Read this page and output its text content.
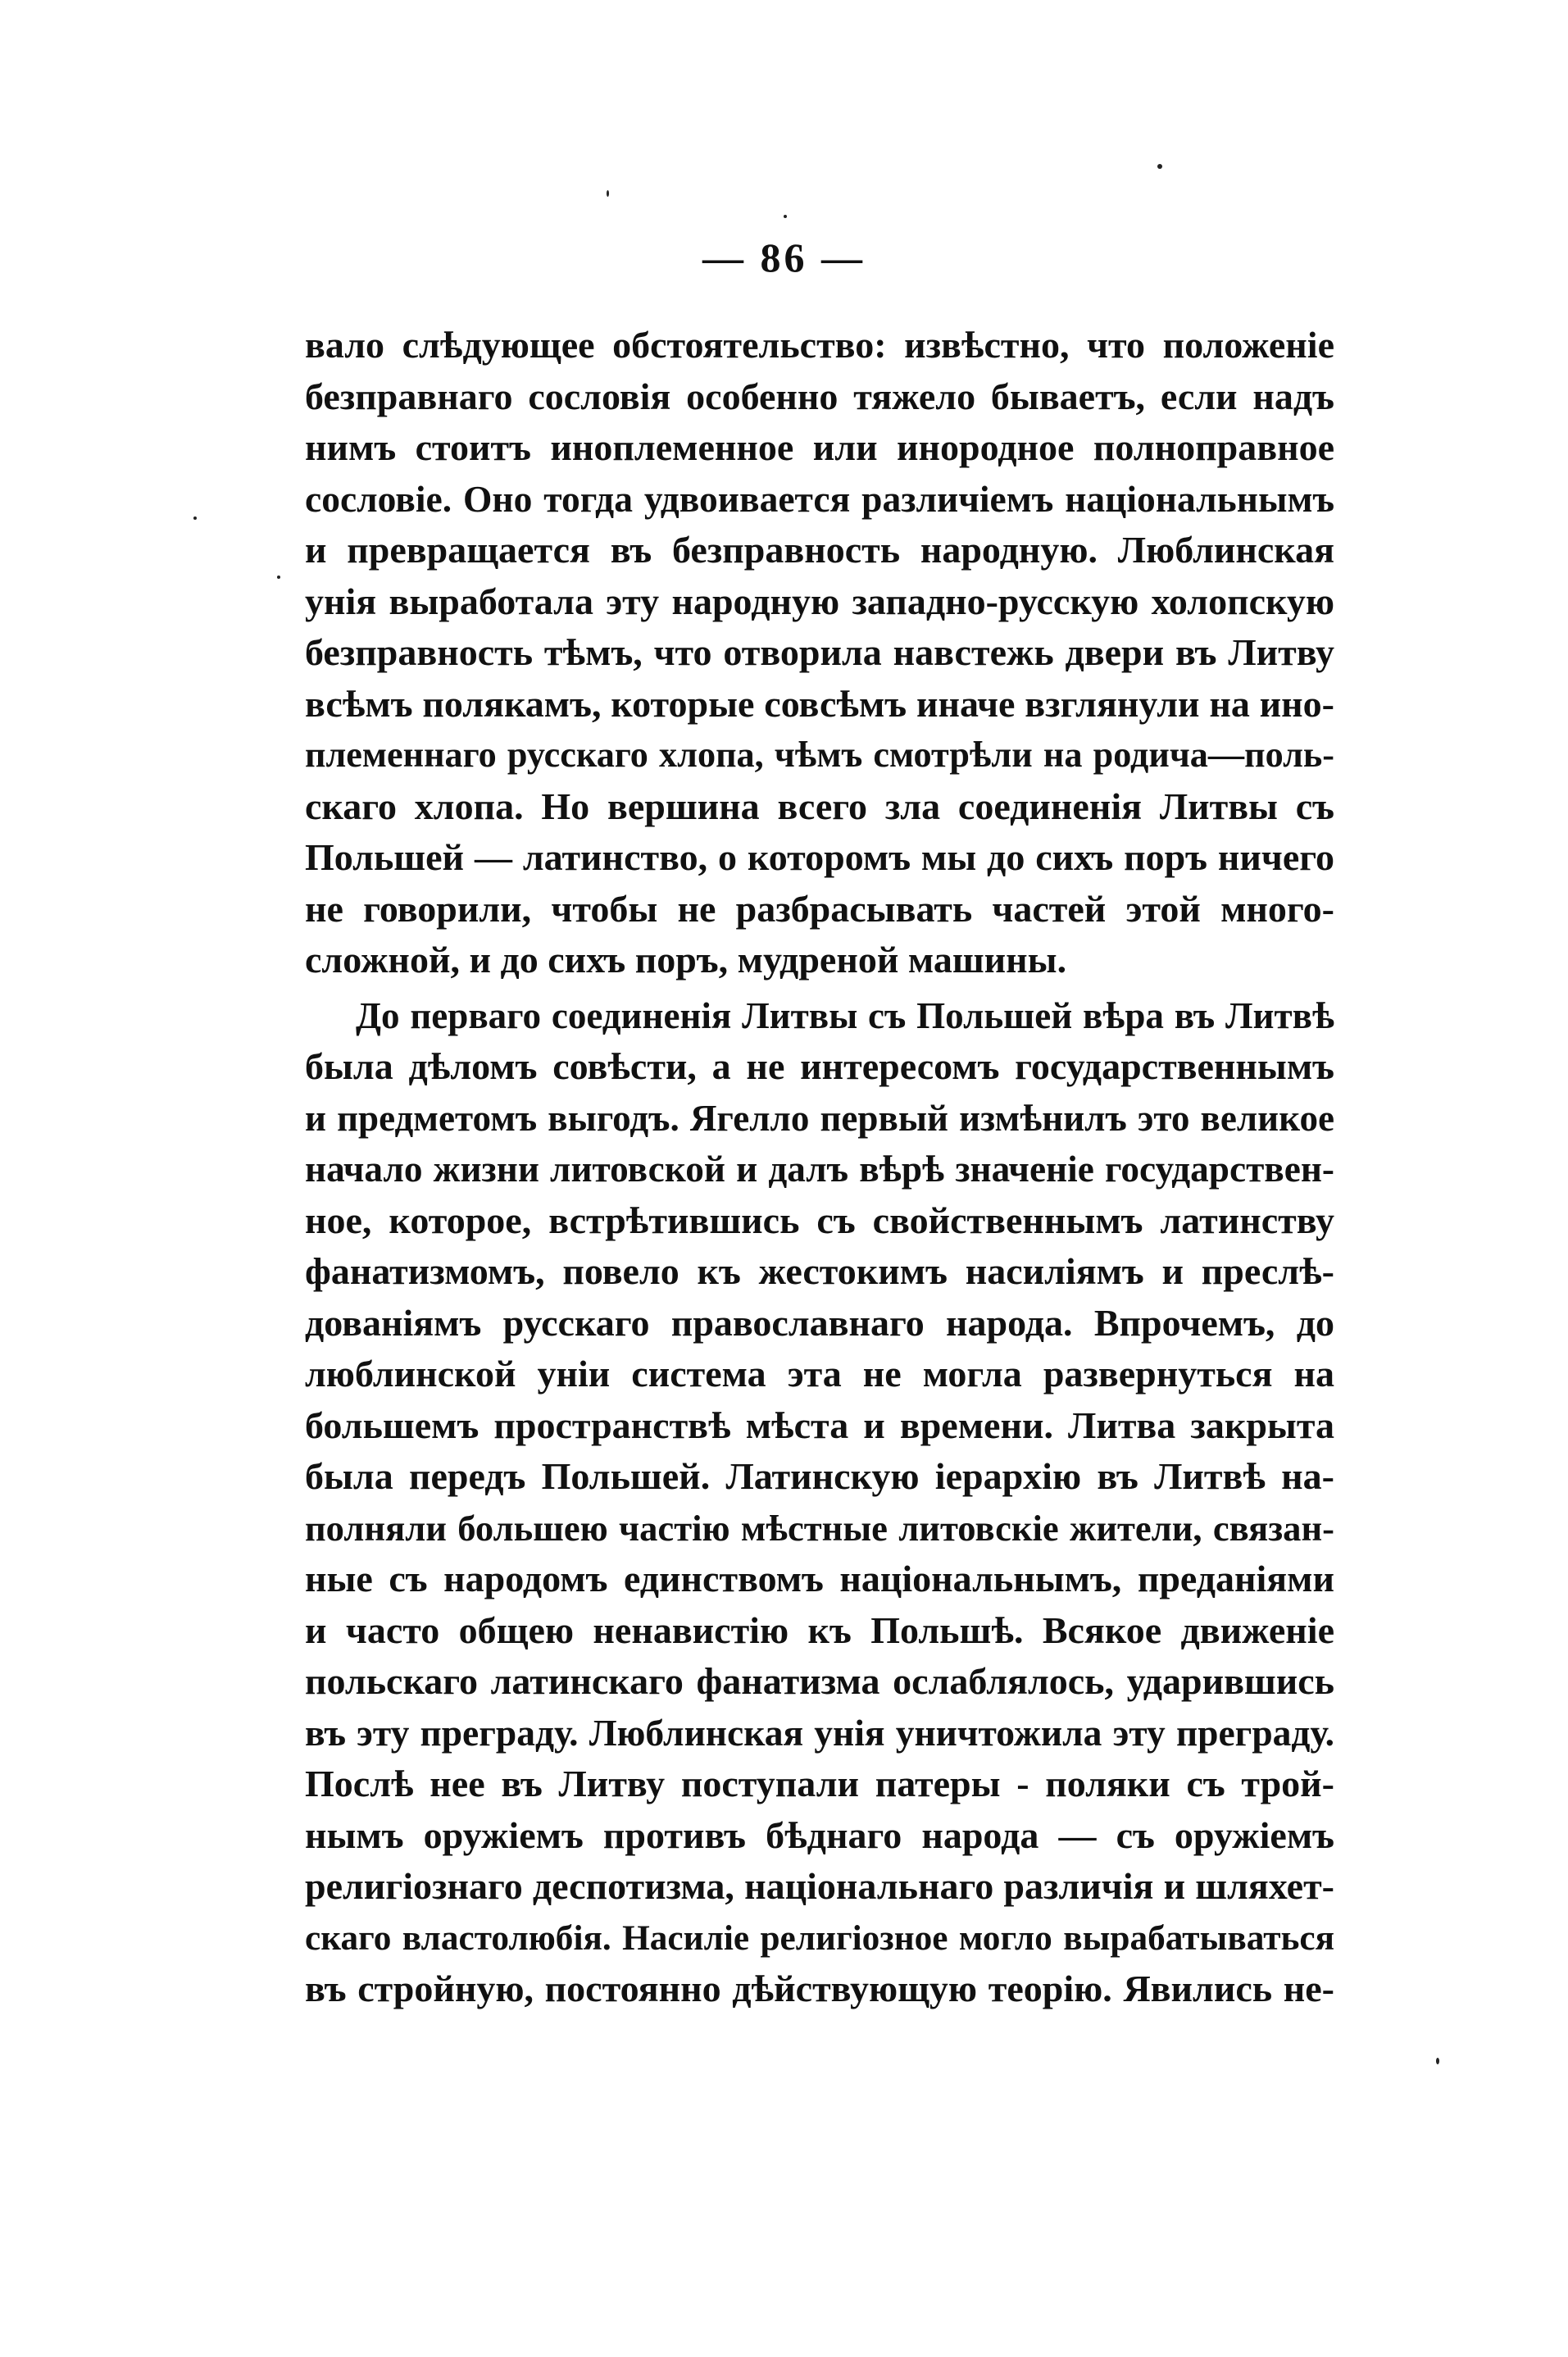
— 86 —
вало слѣдующее обстоятельство: извѣстно, что положенiе
безправнаго сословiя особенно тяжело бываетъ, если надъ
нимъ стоитъ иноплеменное или инородное полноправное
сословiе. Оно тогда удвоивается различiемъ нацiональнымъ
и превращается въ безправность народную. Люблинская
унiя выработала эту народную западно-русскую холопскую
безправность тѣмъ, что отворила навстежь двери въ Литву
всѣмъ полякамъ, которые совсѣмъ иначе взглянули на ино-
племеннаго русскаго хлопа, чѣмъ смотрѣли на родича—поль-
скаго хлопа. Но вершина всего зла соединенiя Литвы съ
Польшей — латинство, о которомъ мы до сихъ поръ ничего
не говорили, чтобы не разбрасывать частей этой много-
сложной, и до сихъ поръ, мудреной машины.
До перваго соединенiя Литвы съ Польшей вѣра въ Литвѣ
была дѣломъ совѣсти, а не интересомъ государственнымъ
и предметомъ выгодъ. Ягелло первый измѣнилъ это великое
начало жизни литовской и далъ вѣрѣ значенiе государствен-
ное, которое, встрѣтившись съ свойственнымъ латинству
фанатизмомъ, повело къ жестокимъ насилiямъ и преслѣ-
дованiямъ русскаго православнаго народа. Впрочемъ, до
люблинской унiи система эта не могла развернуться на
большемъ пространствѣ мѣста и времени. Литва закрыта
была передъ Польшей. Латинскую iерархiю въ Литвѣ на-
полняли большею частiю мѣстные литовскiе жители, связан-
ные съ народомъ единствомъ нацiональнымъ, преданiями
и часто общею ненавистiю къ Польшѣ. Всякое движенiе
польскаго латинскаго фанатизма ослаблялось, ударившись
въ эту преграду. Люблинская унiя уничтожила эту преграду.
Послѣ нее въ Литву поступали патеры - поляки съ трой-
нымъ оружiемъ противъ бѣднаго народа — съ оружiемъ
религiознаго деспотизма, нацiональнаго различiя и шляхет-
скаго властолюбiя. Насилiе религiозное могло вырабатываться
въ стройную, постоянно дѣйствующую теорiю. Явились не-
